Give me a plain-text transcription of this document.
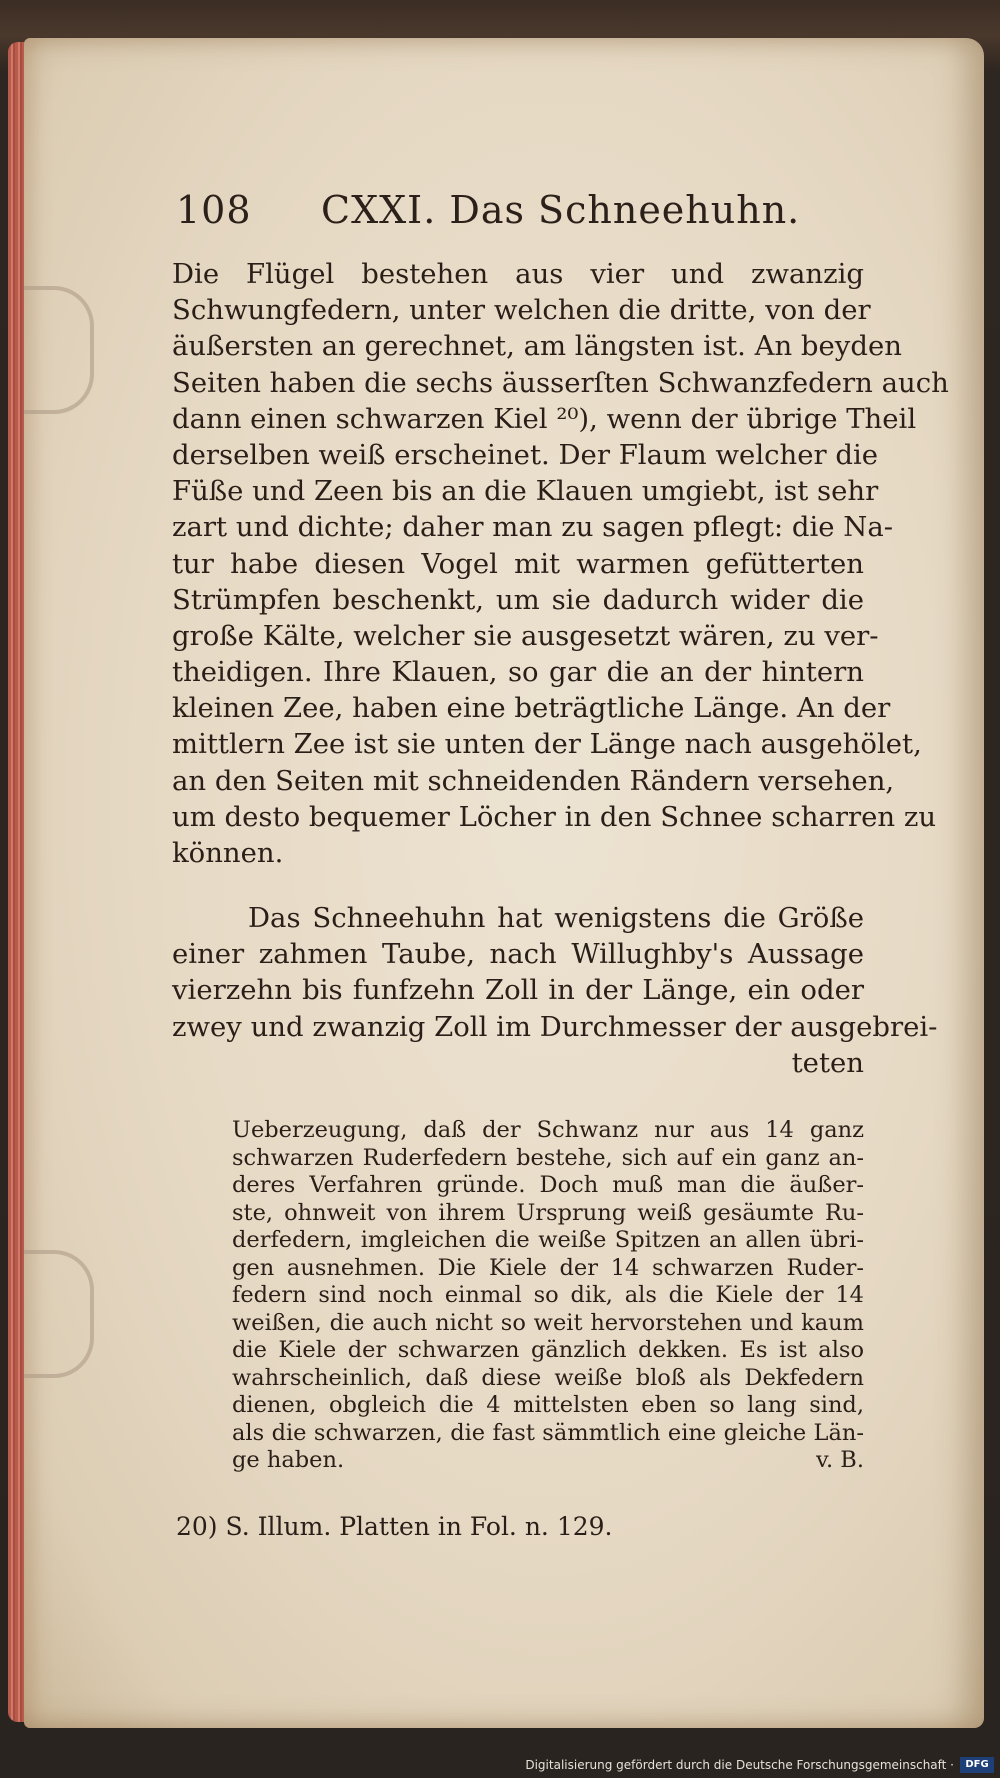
108 CXXI. Das Schneehuhn.
Die Flügel bestehen aus vier und zwanzig
Schwungfedern, unter welchen die dritte, von der
äußersten an gerechnet, am längsten ist. An beyden
Seiten haben die sechs äusserſten Schwanzfedern auch
dann einen schwarzen Kiel ²⁰), wenn der übrige Theil
derselben weiß erscheinet. Der Flaum welcher die
Füße und Zeen bis an die Klauen umgiebt, ist sehr
zart und dichte; daher man zu sagen pflegt: die Na-
tur habe diesen Vogel mit warmen gefütterten
Strümpfen beschenkt, um sie dadurch wider die
große Kälte, welcher sie ausgesetzt wären, zu ver-
theidigen. Ihre Klauen, so gar die an der hintern
kleinen Zee, haben eine beträgtliche Länge. An der
mittlern Zee ist sie unten der Länge nach ausgehölet,
an den Seiten mit schneidenden Rändern versehen,
um desto bequemer Löcher in den Schnee scharren zu
können.
Das Schneehuhn hat wenigstens die Größe
einer zahmen Taube, nach Willughby's Aussage
vierzehn bis funfzehn Zoll in der Länge, ein oder
zwey und zwanzig Zoll im Durchmesser der ausgebrei-
teten
Ueberzeugung, daß der Schwanz nur aus 14 ganz
schwarzen Ruderfedern bestehe, sich auf ein ganz an-
deres Verfahren gründe. Doch muß man die äußer-
ste, ohnweit von ihrem Ursprung weiß gesäumte Ru-
derfedern, imgleichen die weiße Spitzen an allen übri-
gen ausnehmen. Die Kiele der 14 schwarzen Ruder-
federn sind noch einmal so dik, als die Kiele der 14
weißen, die auch nicht so weit hervorstehen und kaum
die Kiele der schwarzen gänzlich dekken. Es ist also
wahrscheinlich, daß diese weiße bloß als Dekfedern
dienen, obgleich die 4 mittelsten eben so lang sind,
als die schwarzen, die fast sämmtlich eine gleiche Län-
ge haben.	v. B.
20) S. Illum. Platten in Fol. n. 129.
Digitalisierung gefördert durch die Deutsche Forschungsgemeinschaft ·	DFG
